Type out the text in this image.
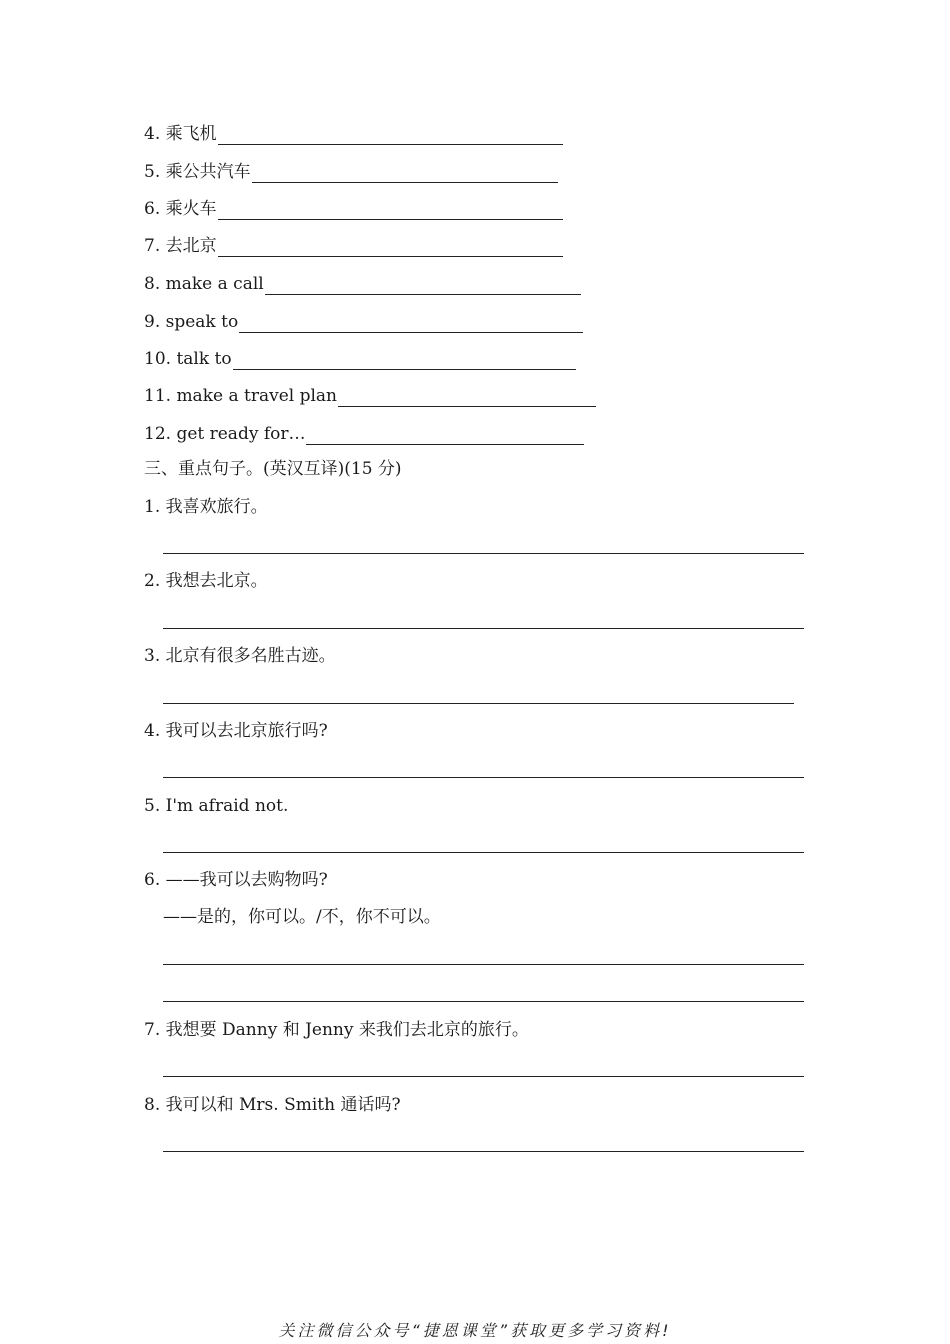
4. 乘飞机
5. 乘公共汽车
6. 乘火车
7. 去北京
8. make a call
9. speak to
10. talk to
11. make a travel plan
12. get ready for…
三、重点句子。(英汉互译)(15 分)
1. 我喜欢旅行。
2. 我想去北京。
3. 北京有很多名胜古迹。
4. 我可以去北京旅行吗?
5. I'm afraid not.
6. ——我可以去购物吗?
——是的，你可以。/不，你不可以。
7. 我想要 Danny 和 Jenny 来我们去北京的旅行。
8. 我可以和 Mrs. Smith 通话吗?
关注微信公众号“捷恩课堂”获取更多学习资料!
